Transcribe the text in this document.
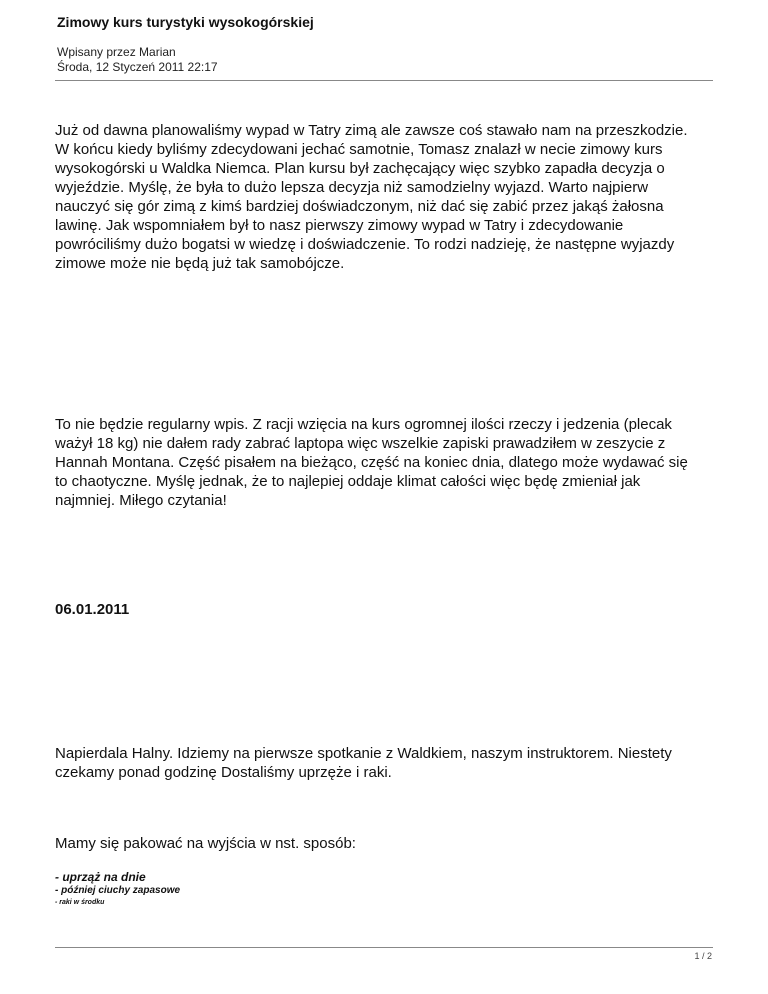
Zimowy kurs turystyki wysokogórskiej
Wpisany przez Marian
Środa, 12 Styczeń 2011 22:17

Już od dawna planowaliśmy wypad w Tatry zimą ale zawsze coś stawało nam na przeszkodzie.
W końcu kiedy byliśmy zdecydowani jechać samotnie, Tomasz znalazł w necie zimowy kurs
wysokogórski u Waldka Niemca. Plan kursu był zachęcający więc szybko zapadła decyzja o
wyjeździe. Myślę, że była to dużo lepsza decyzja niż samodzielny wyjazd. Warto najpierw
nauczyć się gór zimą z kimś bardziej doświadczonym, niż dać się zabić przez jakąś żałosna
lawinę. Jak wspomniałem był to nasz pierwszy zimowy wypad w Tatry i zdecydowanie
powróciliśmy dużo bogatsi w wiedzę i doświadczenie. To rodzi nadzieję, że następne wyjazdy
zimowe może nie będą już tak samobójcze.

To nie będzie regularny wpis. Z racji wzięcia na kurs ogromnej ilości rzeczy i jedzenia (plecak
ważył 18 kg) nie dałem rady zabrać laptopa więc wszelkie zapiski prawadziłem w zeszycie z
Hannah Montana. Część pisałem na bieżąco, część na koniec dnia, dlatego może wydawać się
to chaotyczne. Myślę jednak, że to najlepiej oddaje klimat całości więc będę zmieniał jak
najmniej. Miłego czytania!

06.01.2011

Napierdala Halny. Idziemy na pierwsze spotkanie z Waldkiem, naszym instruktorem. Niestety
czekamy ponad godzinę Dostaliśmy uprzęże i raki.

Mamy się pakować na wyjścia w nst. sposób:

- uprząż na dnie
- później ciuchy zapasowe
- raki w środku
1 / 2
